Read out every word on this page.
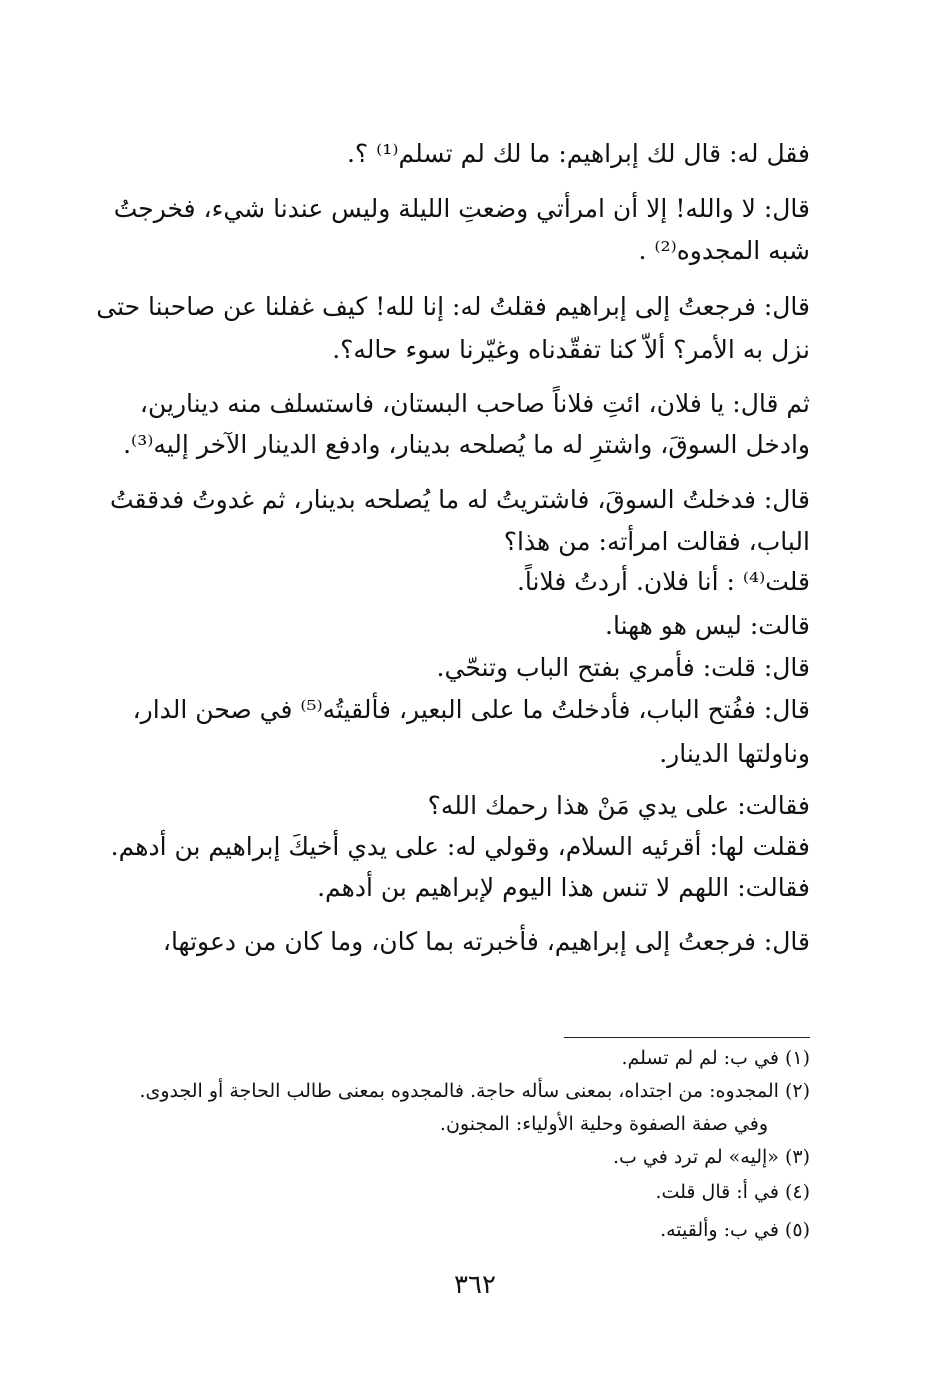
فقل له: قال لك إبراهيم: ما لك لم تسلم⁽¹⁾ ؟.
قال: لا والله! إلا أن امرأتي وضعتِ الليلة وليس عندنا شيء، فخرجتُ
شبه المجدوه⁽²⁾ .
قال: فرجعتُ إلى إبراهيم فقلتُ له: إنا لله! كيف غفلنا عن صاحبنا حتى
نزل به الأمر؟ ألاّ كنا تفقّدناه وغيّرنا سوء حاله؟.
ثم قال: يا فلان، ائتِ فلاناً صاحب البستان، فاستسلف منه دينارين،
وادخل السوقَ، واشترِ له ما يُصلحه بدينار، وادفع الدينار الآخر إليه⁽³⁾.
قال: فدخلتُ السوقَ، فاشتريتُ له ما يُصلحه بدينار، ثم غدوتُ فدققتُ
الباب، فقالت امرأته: من هذا؟
قلت⁽⁴⁾ : أنا فلان. أردتُ فلاناً.
قالت: ليس هو ههنا.
قال: قلت: فأمري بفتح الباب وتنحّي.
قال: ففُتح الباب، فأدخلتُ ما على البعير، فألقيتُه⁽⁵⁾ في صحن الدار،
وناولتها الدينار.
فقالت: على يدي مَنْ هذا رحمك الله؟
فقلت لها: أقرئيه السلام، وقولي له: على يدي أخيكَ إبراهيم بن أدهم.
فقالت: اللهم لا تنس هذا اليوم لإبراهيم بن أدهم.
قال: فرجعتُ إلى إبراهيم، فأخبرته بما كان، وما كان من دعوتها،
(١) في ب: لم لم تسلم.
(٢) المجدوه: من اجتداه، بمعنى سأله حاجة. فالمجدوه بمعنى طالب الحاجة أو الجدوى.
وفي صفة الصفوة وحلية الأولياء: المجنون.
(٣) «إليه» لم ترد في ب.
(٤) في أ: قال قلت.
(٥) في ب: وألقيته.
٣٦٢
